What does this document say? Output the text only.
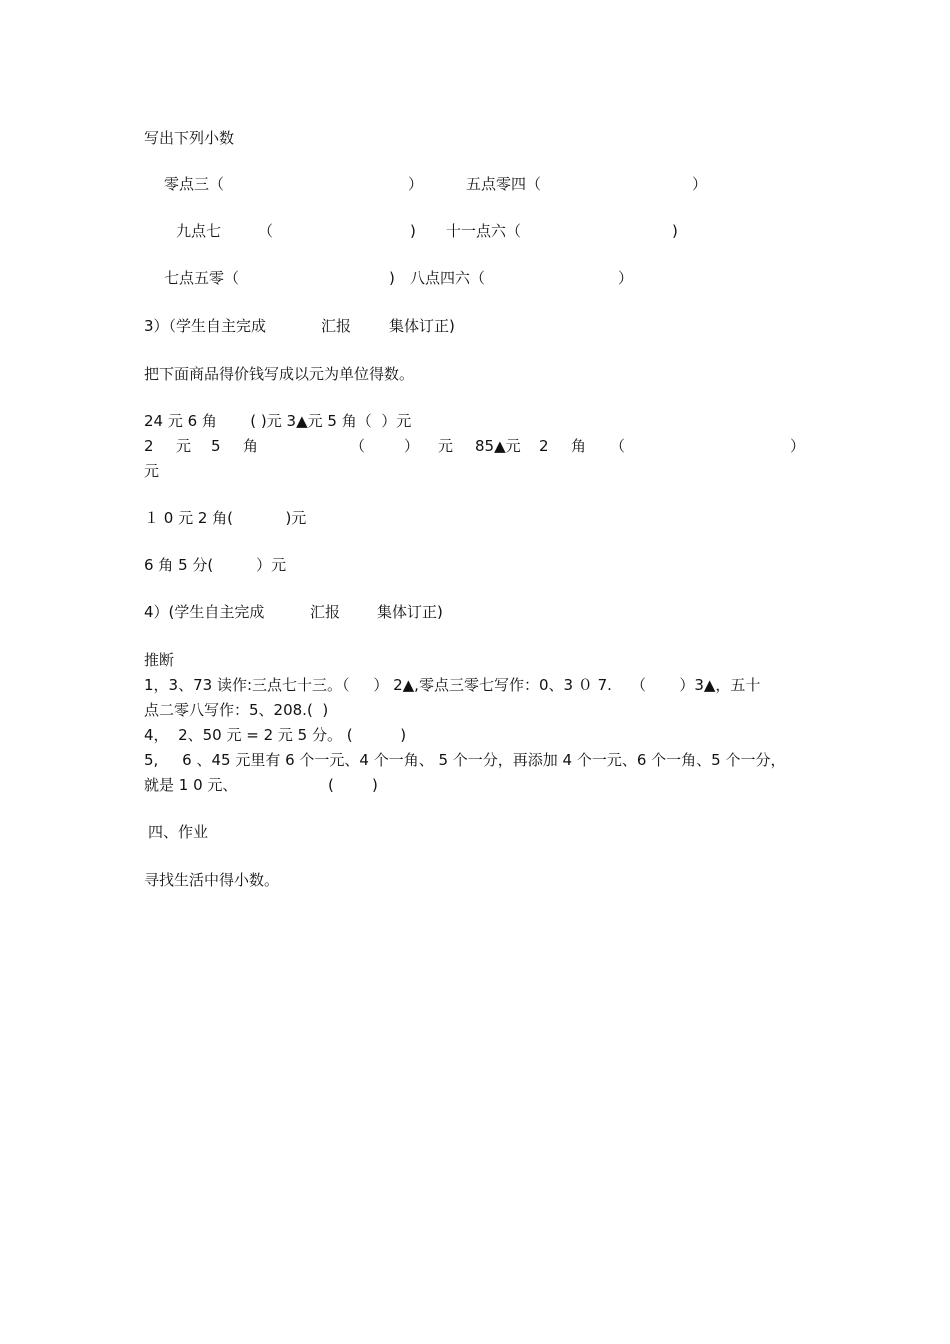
写出下列小数
零点三（	）	五点零四（	）
九点七 （	) 十一点六（	)
七点五零（	) 八点四六（	）
3）（学生自主完成	汇报	集体订正)
把下面商品得价钱写成以元为单位得数。
24 元 6 角       ( )元 3▲元 5 角（  ）元
2 元 5 角	（	） 元 85▲元 2 角 （	）
元
１ 0 元 2 角(           )元
6 角 5 分(         ）元
4）(学生自主完成	汇报 集体订正)
推断
1，3、73 读作:三点七十三。（     ） 2▲,零点三零七写作：0、3 ０ 7.    （       ）3▲，五十
点二零八写作：5、208.(  )
4，  2、50 元 = 2 元 5 分。 (          )
5,     6 、45 元里有 6 个一元、4 个一角、 5 个一分，再添加 4 个一元、6 个一角、5 个一分，
就是 1 0 元、                   (        )
四、作业
寻找生活中得小数。
